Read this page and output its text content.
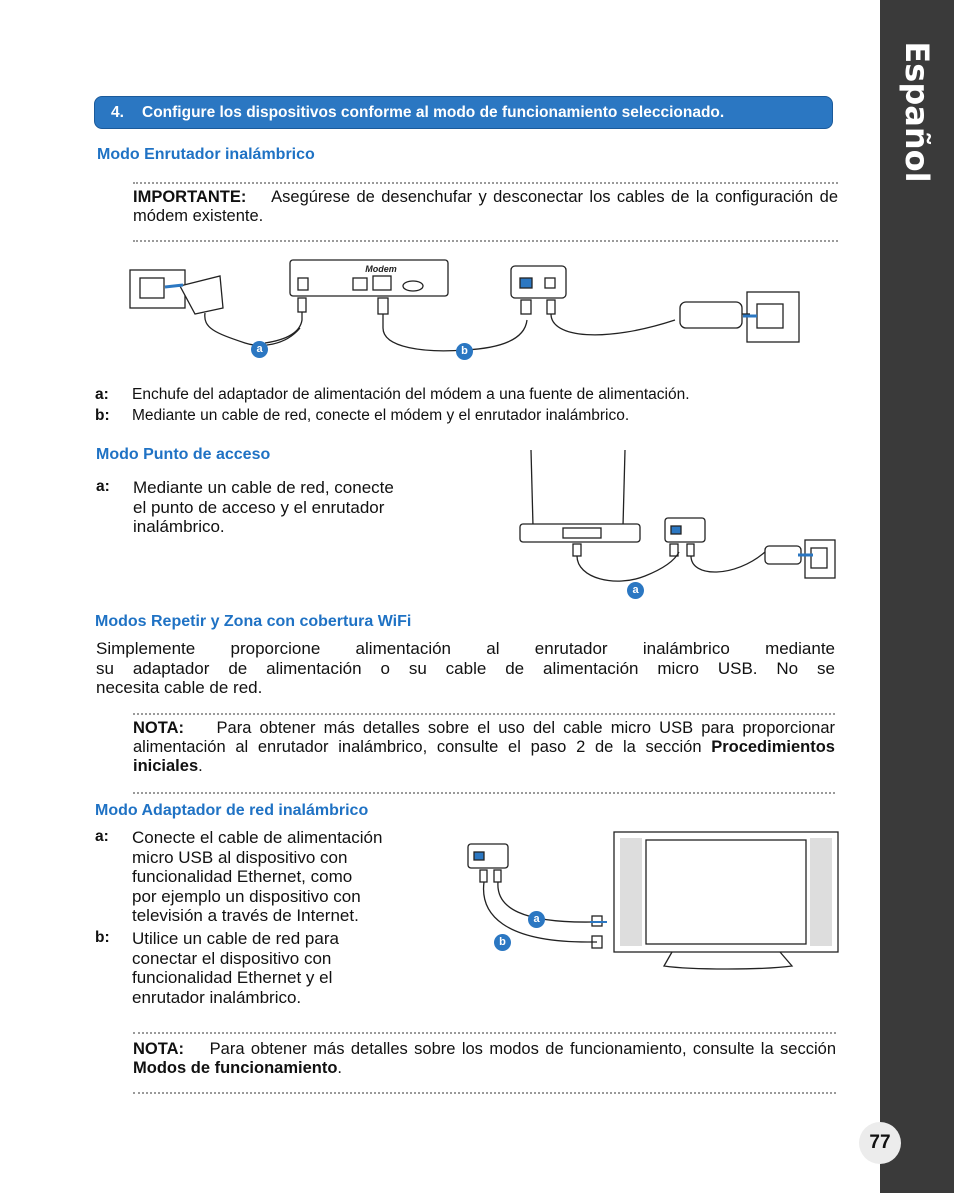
Español
77
4. Configure los dispositivos conforme al modo de funcionamiento seleccionado.
Modo Enrutador inalámbrico
IMPORTANTE: Asegúrese de desenchufar y desconectar los cables de la configuración de módem existente.
Modem
a	b
a: Enchufe del adaptador de alimentación del módem a una fuente de alimentación.
b: Mediante un cable de red, conecte el módem y el enrutador inalámbrico.
Modo Punto de acceso
a: Mediante un cable de red, conecte
el punto de acceso y el enrutador
inalámbrico.
a
Modos Repetir y Zona con cobertura WiFi
Simplemente proporcione alimentación al enrutador inalámbrico mediante
su adaptador de alimentación o su cable de alimentación micro USB. No se
necesita cable de red.
NOTA: Para obtener más detalles sobre el uso del cable micro USB para proporcionar alimentación al enrutador inalámbrico, consulte el paso 2 de la sección Procedimientos iniciales.
Modo Adaptador de red inalámbrico
a: Conecte el cable de alimentación
micro USB al dispositivo con
funcionalidad Ethernet, como
por ejemplo un dispositivo con
televisión a través de Internet.
b: Utilice un cable de red para
conectar el dispositivo con
funcionalidad Ethernet y el
enrutador inalámbrico.
a
b
NOTA: Para obtener más detalles sobre los modos de funcionamiento, consulte la sección Modos de funcionamiento.
